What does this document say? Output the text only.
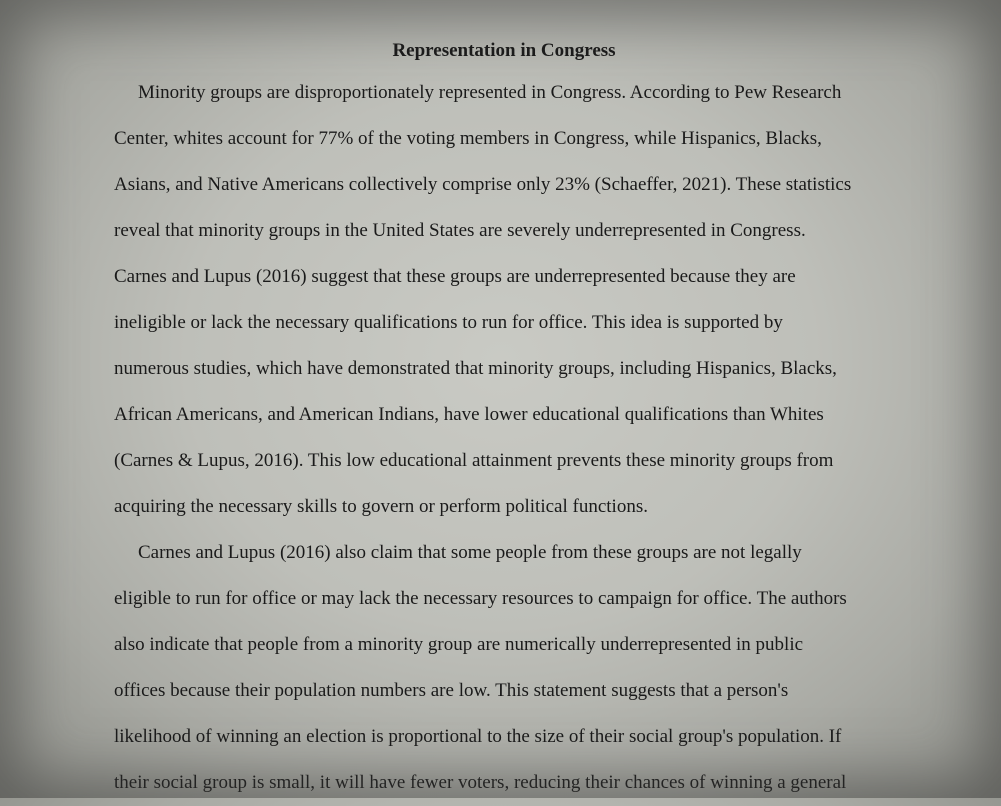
Representation in Congress

Minority groups are disproportionately represented in Congress. According to Pew Research
Center, whites account for 77% of the voting members in Congress, while Hispanics, Blacks,
Asians, and Native Americans collectively comprise only 23% (Schaeffer, 2021). These statistics
reveal that minority groups in the United States are severely underrepresented in Congress.
Carnes and Lupus (2016) suggest that these groups are underrepresented because they are
ineligible or lack the necessary qualifications to run for office. This idea is supported by
numerous studies, which have demonstrated that minority groups, including Hispanics, Blacks,
African Americans, and American Indians, have lower educational qualifications than Whites
(Carnes & Lupus, 2016). This low educational attainment prevents these minority groups from
acquiring the necessary skills to govern or perform political functions.

Carnes and Lupus (2016) also claim that some people from these groups are not legally
eligible to run for office or may lack the necessary resources to campaign for office. The authors
also indicate that people from a minority group are numerically underrepresented in public
offices because their population numbers are low. This statement suggests that a person's
likelihood of winning an election is proportional to the size of their social group's population. If
their social group is small, it will have fewer voters, reducing their chances of winning a general
